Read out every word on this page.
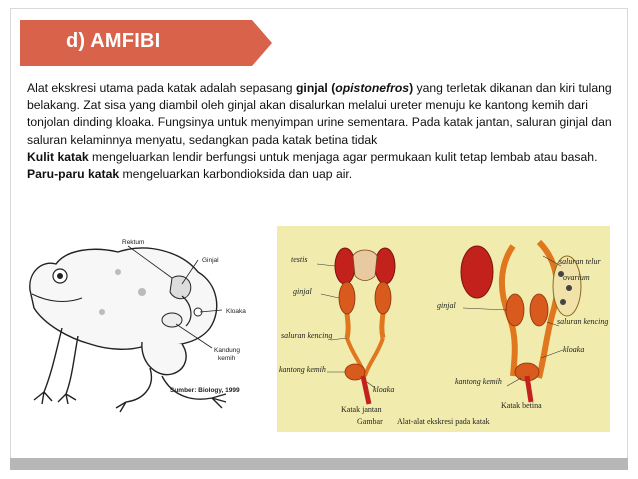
d) AMFIBI

Alat ekskresi utama pada katak adalah sepasang ginjal (opistonefros) yang terletak dikanan dan kiri tulang belakang. Zat sisa yang diambil oleh ginjal akan disalurkan melalui ureter menuju ke kantong kemih dari tonjolan dinding kloaka. Fungsinya untuk menyimpan urine sementara. Pada katak jantan, saluran ginjal dan saluran kelaminnya menyatu, sedangkan pada katak betina tidak

Kulit katak mengeluarkan lendir berfungsi untuk menjaga agar permukaan kulit tetap lembab atau basah.

Paru-paru katak mengeluarkan karbondioksida dan uap air.

Rektum
Ginjal
Kloaka
Kandung
kemih
Sumber: Biology, 1999
testis
ginjal
saluran kencing
kantong kemih
kloaka
Katak jantan
saluran telur
ovarium
ginjal
saluran kencing
kloaka
kantong kemih
Katak betina
Gambar Alat-alat ekskresi pada katak
